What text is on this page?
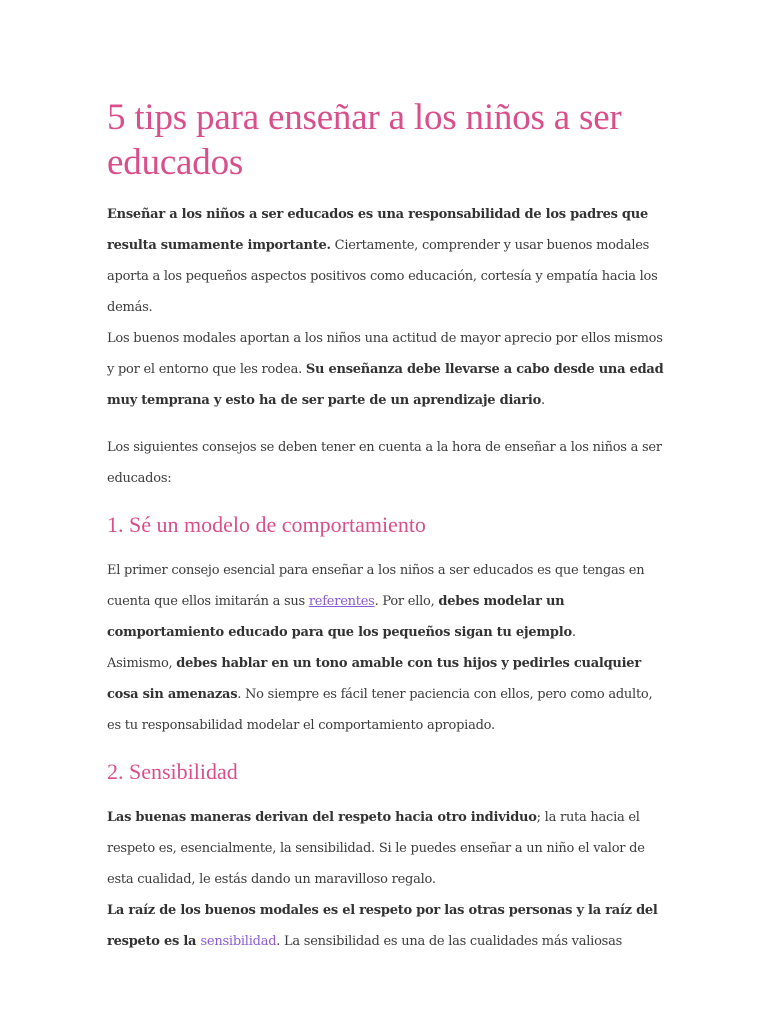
5 tips para enseñar a los niños a ser educados

Enseñar a los niños a ser educados es una responsabilidad de los padres que resulta sumamente importante. Ciertamente, comprender y usar buenos modales aporta a los pequeños aspectos positivos como educación, cortesía y empatía hacia los demás.

Los buenos modales aportan a los niños una actitud de mayor aprecio por ellos mismos y por el entorno que les rodea. Su enseñanza debe llevarse a cabo desde una edad muy temprana y esto ha de ser parte de un aprendizaje diario.

Los siguientes consejos se deben tener en cuenta a la hora de enseñar a los niños a ser educados:

1. Sé un modelo de comportamiento

El primer consejo esencial para enseñar a los niños a ser educados es que tengas en cuenta que ellos imitarán a sus referentes. Por ello, debes modelar un comportamiento educado para que los pequeños sigan tu ejemplo.

Asimismo, debes hablar en un tono amable con tus hijos y pedirles cualquier cosa sin amenazas. No siempre es fácil tener paciencia con ellos, pero como adulto, es tu responsabilidad modelar el comportamiento apropiado.

2. Sensibilidad

Las buenas maneras derivan del respeto hacia otro individuo; la ruta hacia el respeto es, esencialmente, la sensibilidad. Si le puedes enseñar a un niño el valor de esta cualidad, le estás dando un maravilloso regalo.

La raíz de los buenos modales es el respeto por las otras personas y la raíz del respeto es la sensibilidad. La sensibilidad es una de las cualidades más valiosas
